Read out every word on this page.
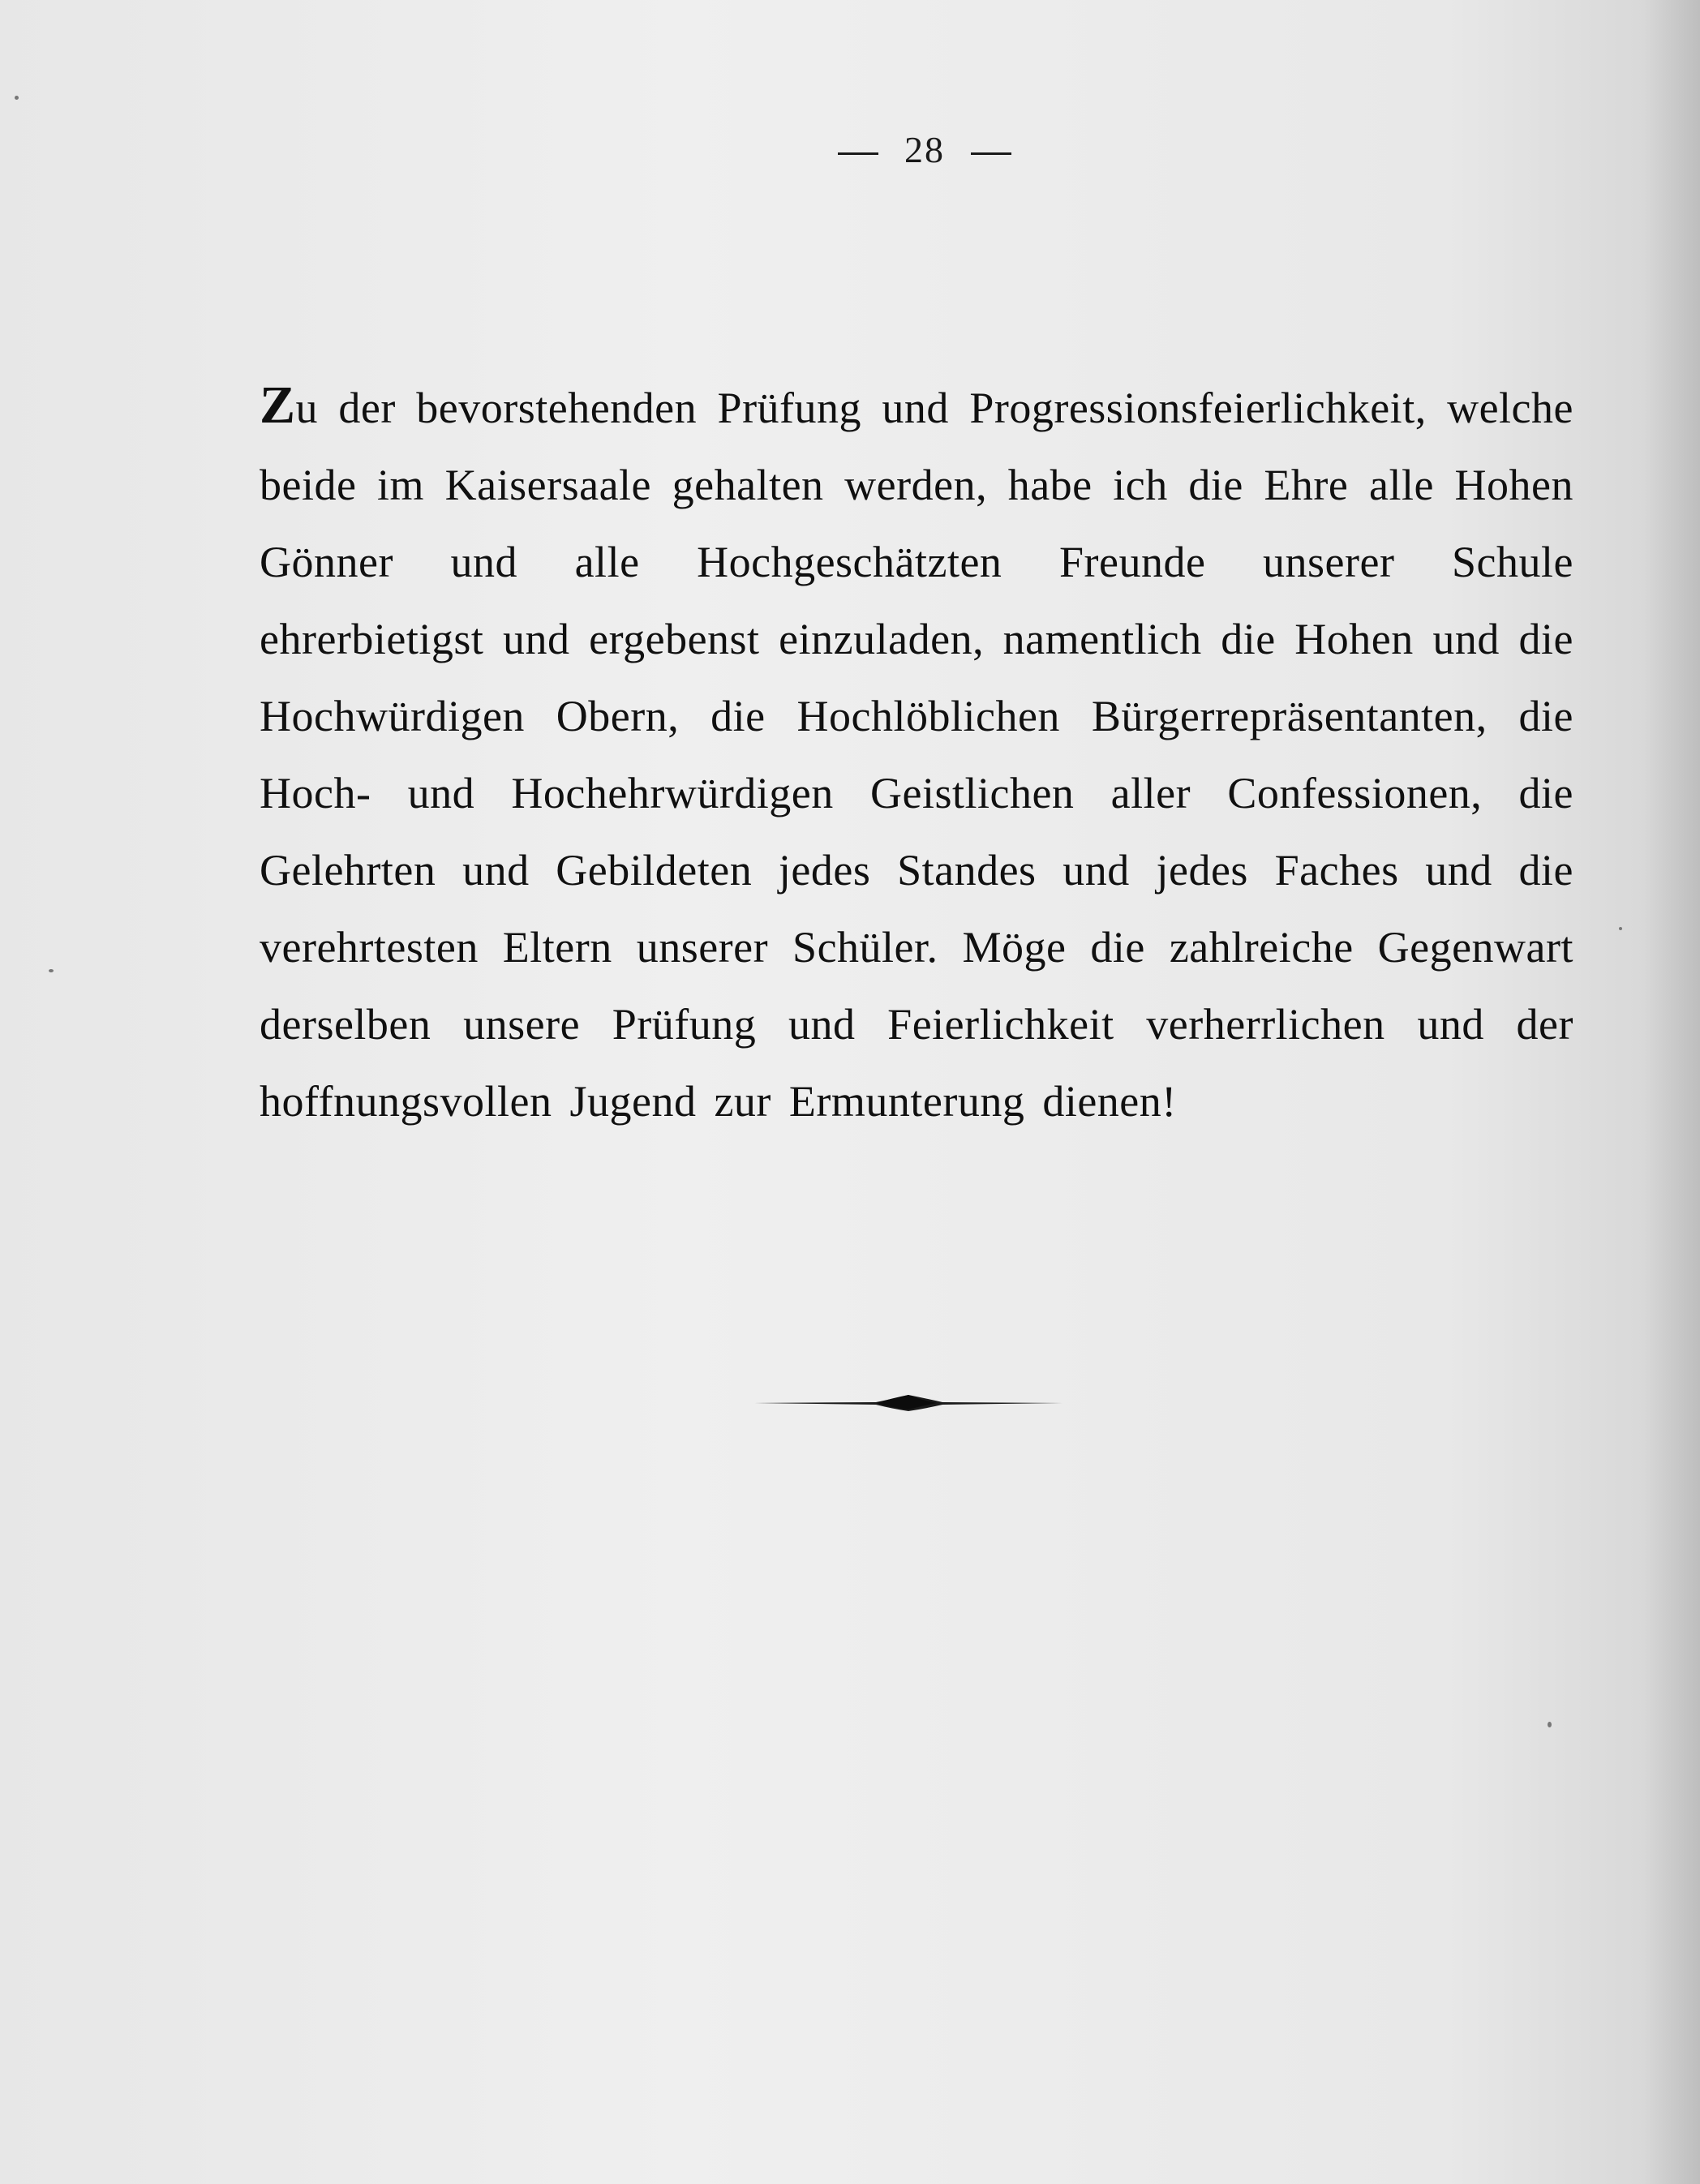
28
Zu der bevorstehenden Prüfung und Progressionsfeierlichkeit, welche beide im Kaisersaale gehalten werden, habe ich die Ehre alle Hohen Gönner und alle Hochgeschätzten Freunde unserer Schule ehrerbietigst und ergebenst einzuladen, namentlich die Hohen und die Hochwürdigen Obern, die Hochlöblichen Bürgerrepräsentanten, die Hoch- und Hochehrwürdigen Geistlichen aller Confessionen, die Gelehrten und Gebildeten jedes Standes und jedes Faches und die verehrtesten Eltern unserer Schüler. Möge die zahlreiche Gegenwart derselben unsere Prüfung und Feierlichkeit verherrlichen und der hoffnungsvollen Jugend zur Ermunterung dienen!
